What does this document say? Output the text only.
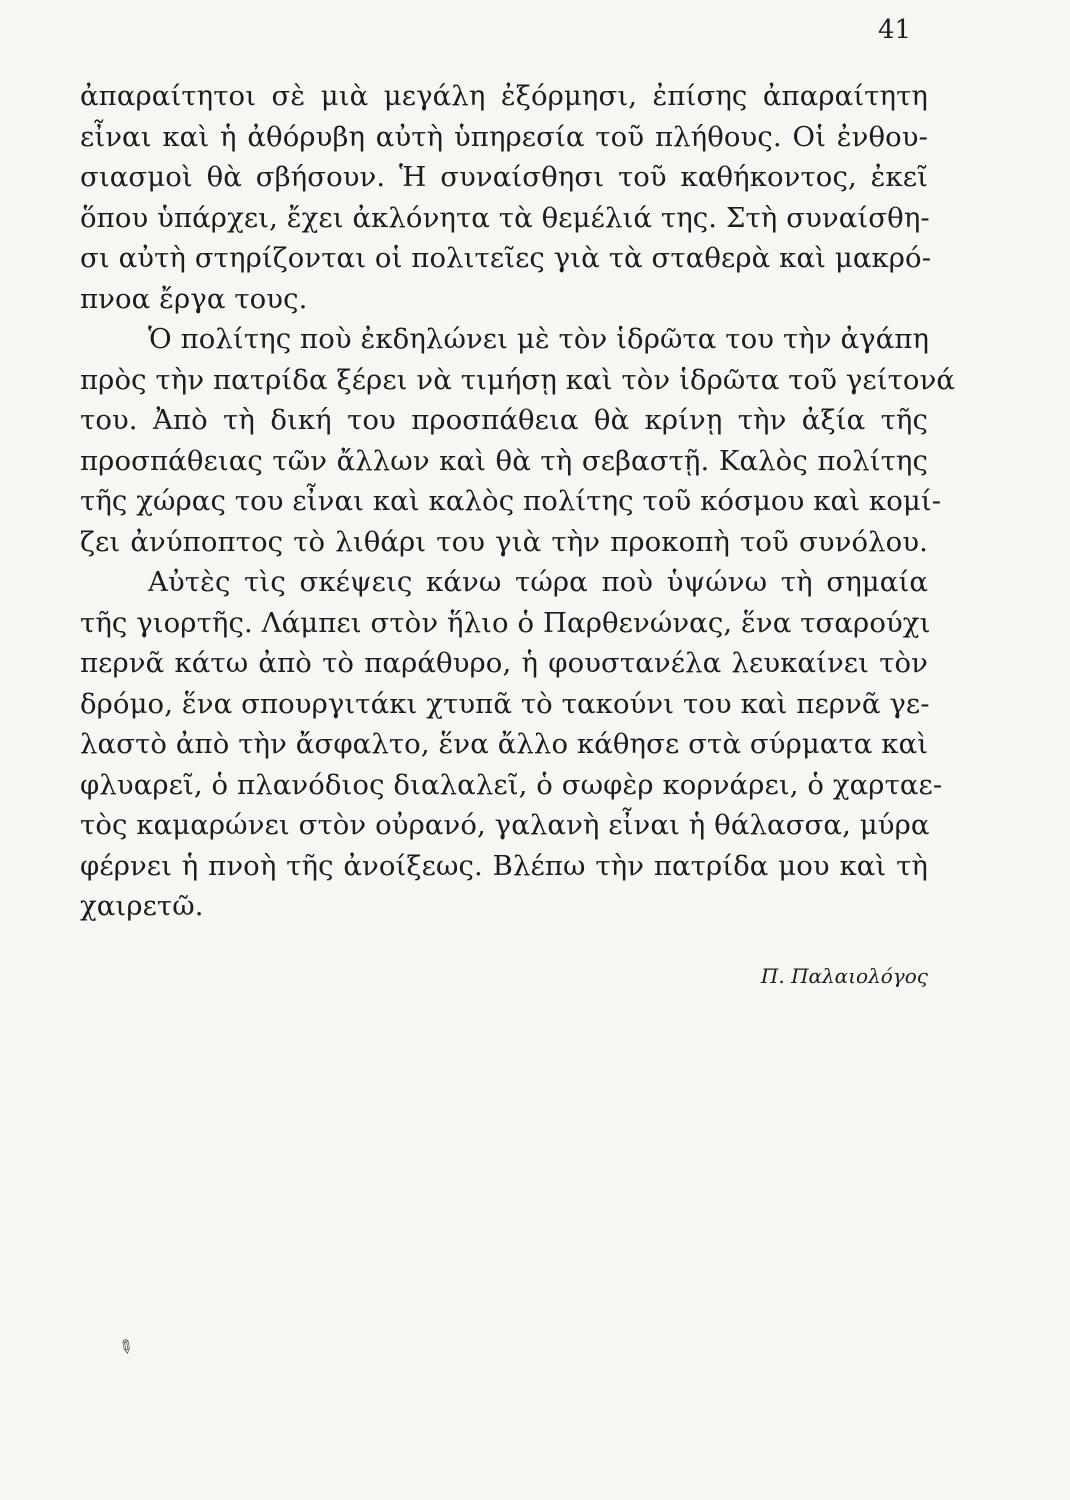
41
ἀπαραίτητοι σὲ μιὰ μεγάλη ἐξόρμησι, ἐπίσης ἀπαραίτητη
εἶναι καὶ ἡ ἀθόρυβη αὐτὴ ὑπηρεσία τοῦ πλήθους. Οἱ ἐνθου-
σιασμοὶ θὰ σβήσουν. Ἡ συναίσθησι τοῦ καθήκοντος, ἐκεῖ
ὅπου ὑπάρχει, ἔχει ἀκλόνητα τὰ θεμέλιά της. Στὴ συναίσθη-
σι αὐτὴ στηρίζονται οἱ πολιτεῖες γιὰ τὰ σταθερὰ καὶ μακρό-
πνοα ἔργα τους.
Ὁ πολίτης ποὺ ἐκδηλώνει μὲ τὸν ἱδρῶτα του τὴν ἀγάπη
πρὸς τὴν πατρίδα ξέρει νὰ τιμήσῃ καὶ τὸν ἱδρῶτα τοῦ γείτονά
του. Ἀπὸ τὴ δική του προσπάθεια θὰ κρίνῃ τὴν ἀξία τῆς
προσπάθειας τῶν ἄλλων καὶ θὰ τὴ σεβαστῇ. Καλὸς πολίτης
τῆς χώρας του εἶναι καὶ καλὸς πολίτης τοῦ κόσμου καὶ κομί-
ζει ἀνύποπτος τὸ λιθάρι του γιὰ τὴν προκοπὴ τοῦ συνόλου.
Αὐτὲς τὶς σκέψεις κάνω τώρα ποὺ ὑψώνω τὴ σημαία
τῆς γιορτῆς. Λάμπει στὸν ἥλιο ὁ Παρθενώνας, ἕνα τσαρούχι
περνᾶ κάτω ἀπὸ τὸ παράθυρο, ἡ φουστανέλα λευκαίνει τὸν
δρόμο, ἕνα σπουργιτάκι χτυπᾶ τὸ τακούνι του καὶ περνᾶ γε-
λαστὸ ἀπὸ τὴν ἄσφαλτο, ἕνα ἄλλο κάθησε στὰ σύρματα καὶ
φλυαρεῖ, ὁ πλανόδιος διαλαλεῖ, ὁ σωφὲρ κορνάρει, ὁ χαρταε-
τὸς καμαρώνει στὸν οὐρανό, γαλανὴ εἶναι ἡ θάλασσα, μύρα
φέρνει ἡ πνοὴ τῆς ἀνοίξεως. Βλέπω τὴν πατρίδα μου καὶ τὴ
χαιρετῶ.
Π. Παλαιολόγος
✎
